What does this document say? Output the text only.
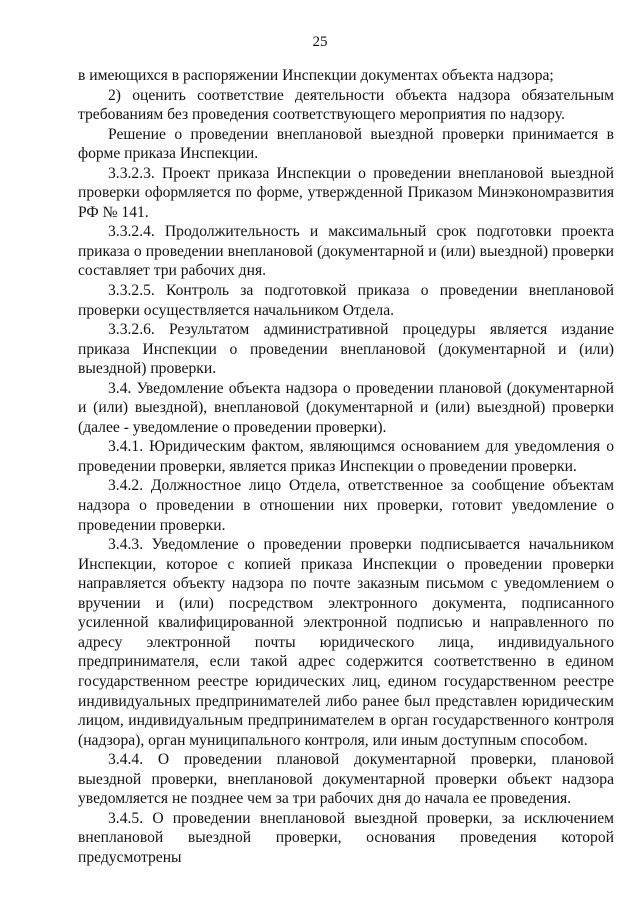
25

в имеющихся в распоряжении Инспекции документах объекта надзора;

2) оценить соответствие деятельности объекта надзора обязательным требованиям без проведения соответствующего мероприятия по надзору.

Решение о проведении внеплановой выездной проверки принимается в форме приказа Инспекции.

3.3.2.3. Проект приказа Инспекции о проведении внеплановой выездной проверки оформляется по форме, утвержденной Приказом Минэкономразвития РФ № 141.

3.3.2.4. Продолжительность и максимальный срок подготовки проекта приказа о проведении внеплановой (документарной и (или) выездной) проверки составляет три рабочих дня.

3.3.2.5. Контроль за подготовкой приказа о проведении внеплановой проверки осуществляется начальником Отдела.

3.3.2.6. Результатом административной процедуры является издание приказа Инспекции о проведении внеплановой (документарной и (или) выездной) проверки.

3.4. Уведомление объекта надзора о проведении плановой (документарной и (или) выездной), внеплановой (документарной и (или) выездной) проверки (далее - уведомление о проведении проверки).

3.4.1. Юридическим фактом, являющимся основанием для уведомления о проведении проверки, является приказ Инспекции о проведении проверки.

3.4.2. Должностное лицо Отдела, ответственное за сообщение объектам надзора о проведении в отношении них проверки, готовит уведомление о проведении проверки.

3.4.3. Уведомление о проведении проверки подписывается начальником Инспекции, которое с копией приказа Инспекции о проведении проверки направляется объекту надзора по почте заказным письмом с уведомлением о вручении и (или) посредством электронного документа, подписанного усиленной квалифицированной электронной подписью и направленного по адресу электронной почты юридического лица, индивидуального предпринимателя, если такой адрес содержится соответственно в едином государственном реестре юридических лиц, едином государственном реестре индивидуальных предпринимателей либо ранее был представлен юридическим лицом, индивидуальным предпринимателем в орган государственного контроля (надзора), орган муниципального контроля, или иным доступным способом.

3.4.4. О проведении плановой документарной проверки, плановой выездной проверки, внеплановой документарной проверки объект надзора уведомляется не позднее чем за три рабочих дня до начала ее проведения.

3.4.5. О проведении внеплановой выездной проверки, за исключением внеплановой выездной проверки, основания проведения которой предусмотрены
